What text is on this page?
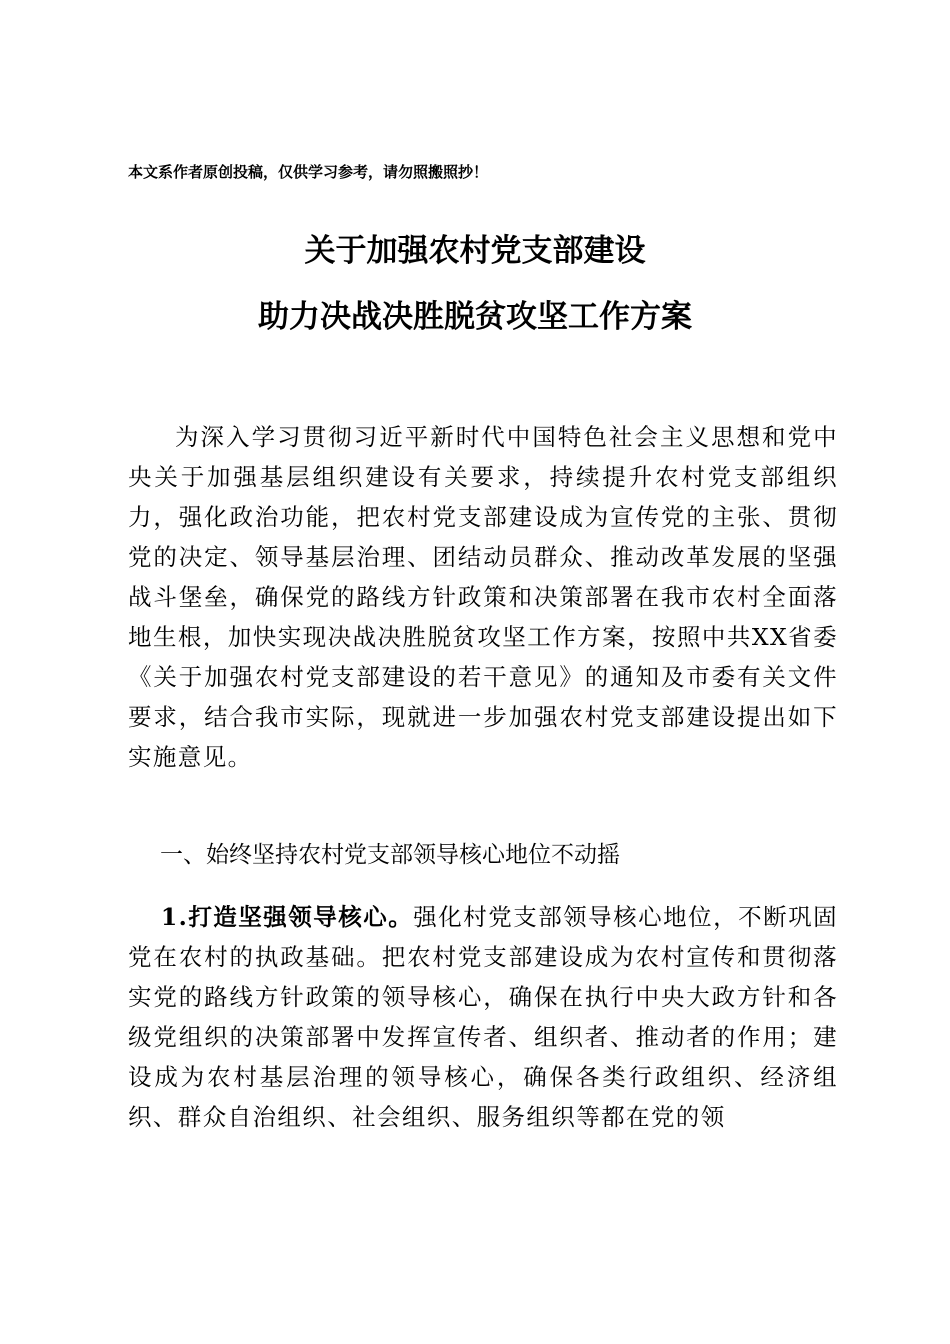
本文系作者原创投稿，仅供学习参考，请勿照搬照抄！
关于加强农村党支部建设
助力决战决胜脱贫攻坚工作方案

为深入学习贯彻习近平新时代中国特色社会主义思想和党中央关于加强基层组织建设有关要求，持续提升农村党支部组织力，强化政治功能，把农村党支部建设成为宣传党的主张、贯彻党的决定、领导基层治理、团结动员群众、推动改革发展的坚强战斗堡垒，确保党的路线方针政策和决策部署在我市农村全面落地生根，加快实现决战决胜脱贫攻坚工作方案，按照中共XX省委《关于加强农村党支部建设的若干意见》的通知及市委有关文件要求，结合我市实际，现就进一步加强农村党支部建设提出如下实施意见。

一、始终坚持农村党支部领导核心地位不动摇

1.打造坚强领导核心。强化村党支部领导核心地位，不断巩固党在农村的执政基础。把农村党支部建设成为农村宣传和贯彻落实党的路线方针政策的领导核心，确保在执行中央大政方针和各级党组织的决策部署中发挥宣传者、组织者、推动者的作用；建设成为农村基层治理的领导核心，确保各类行政组织、经济组织、群众自治组织、社会组织、服务组织等都在党的领
